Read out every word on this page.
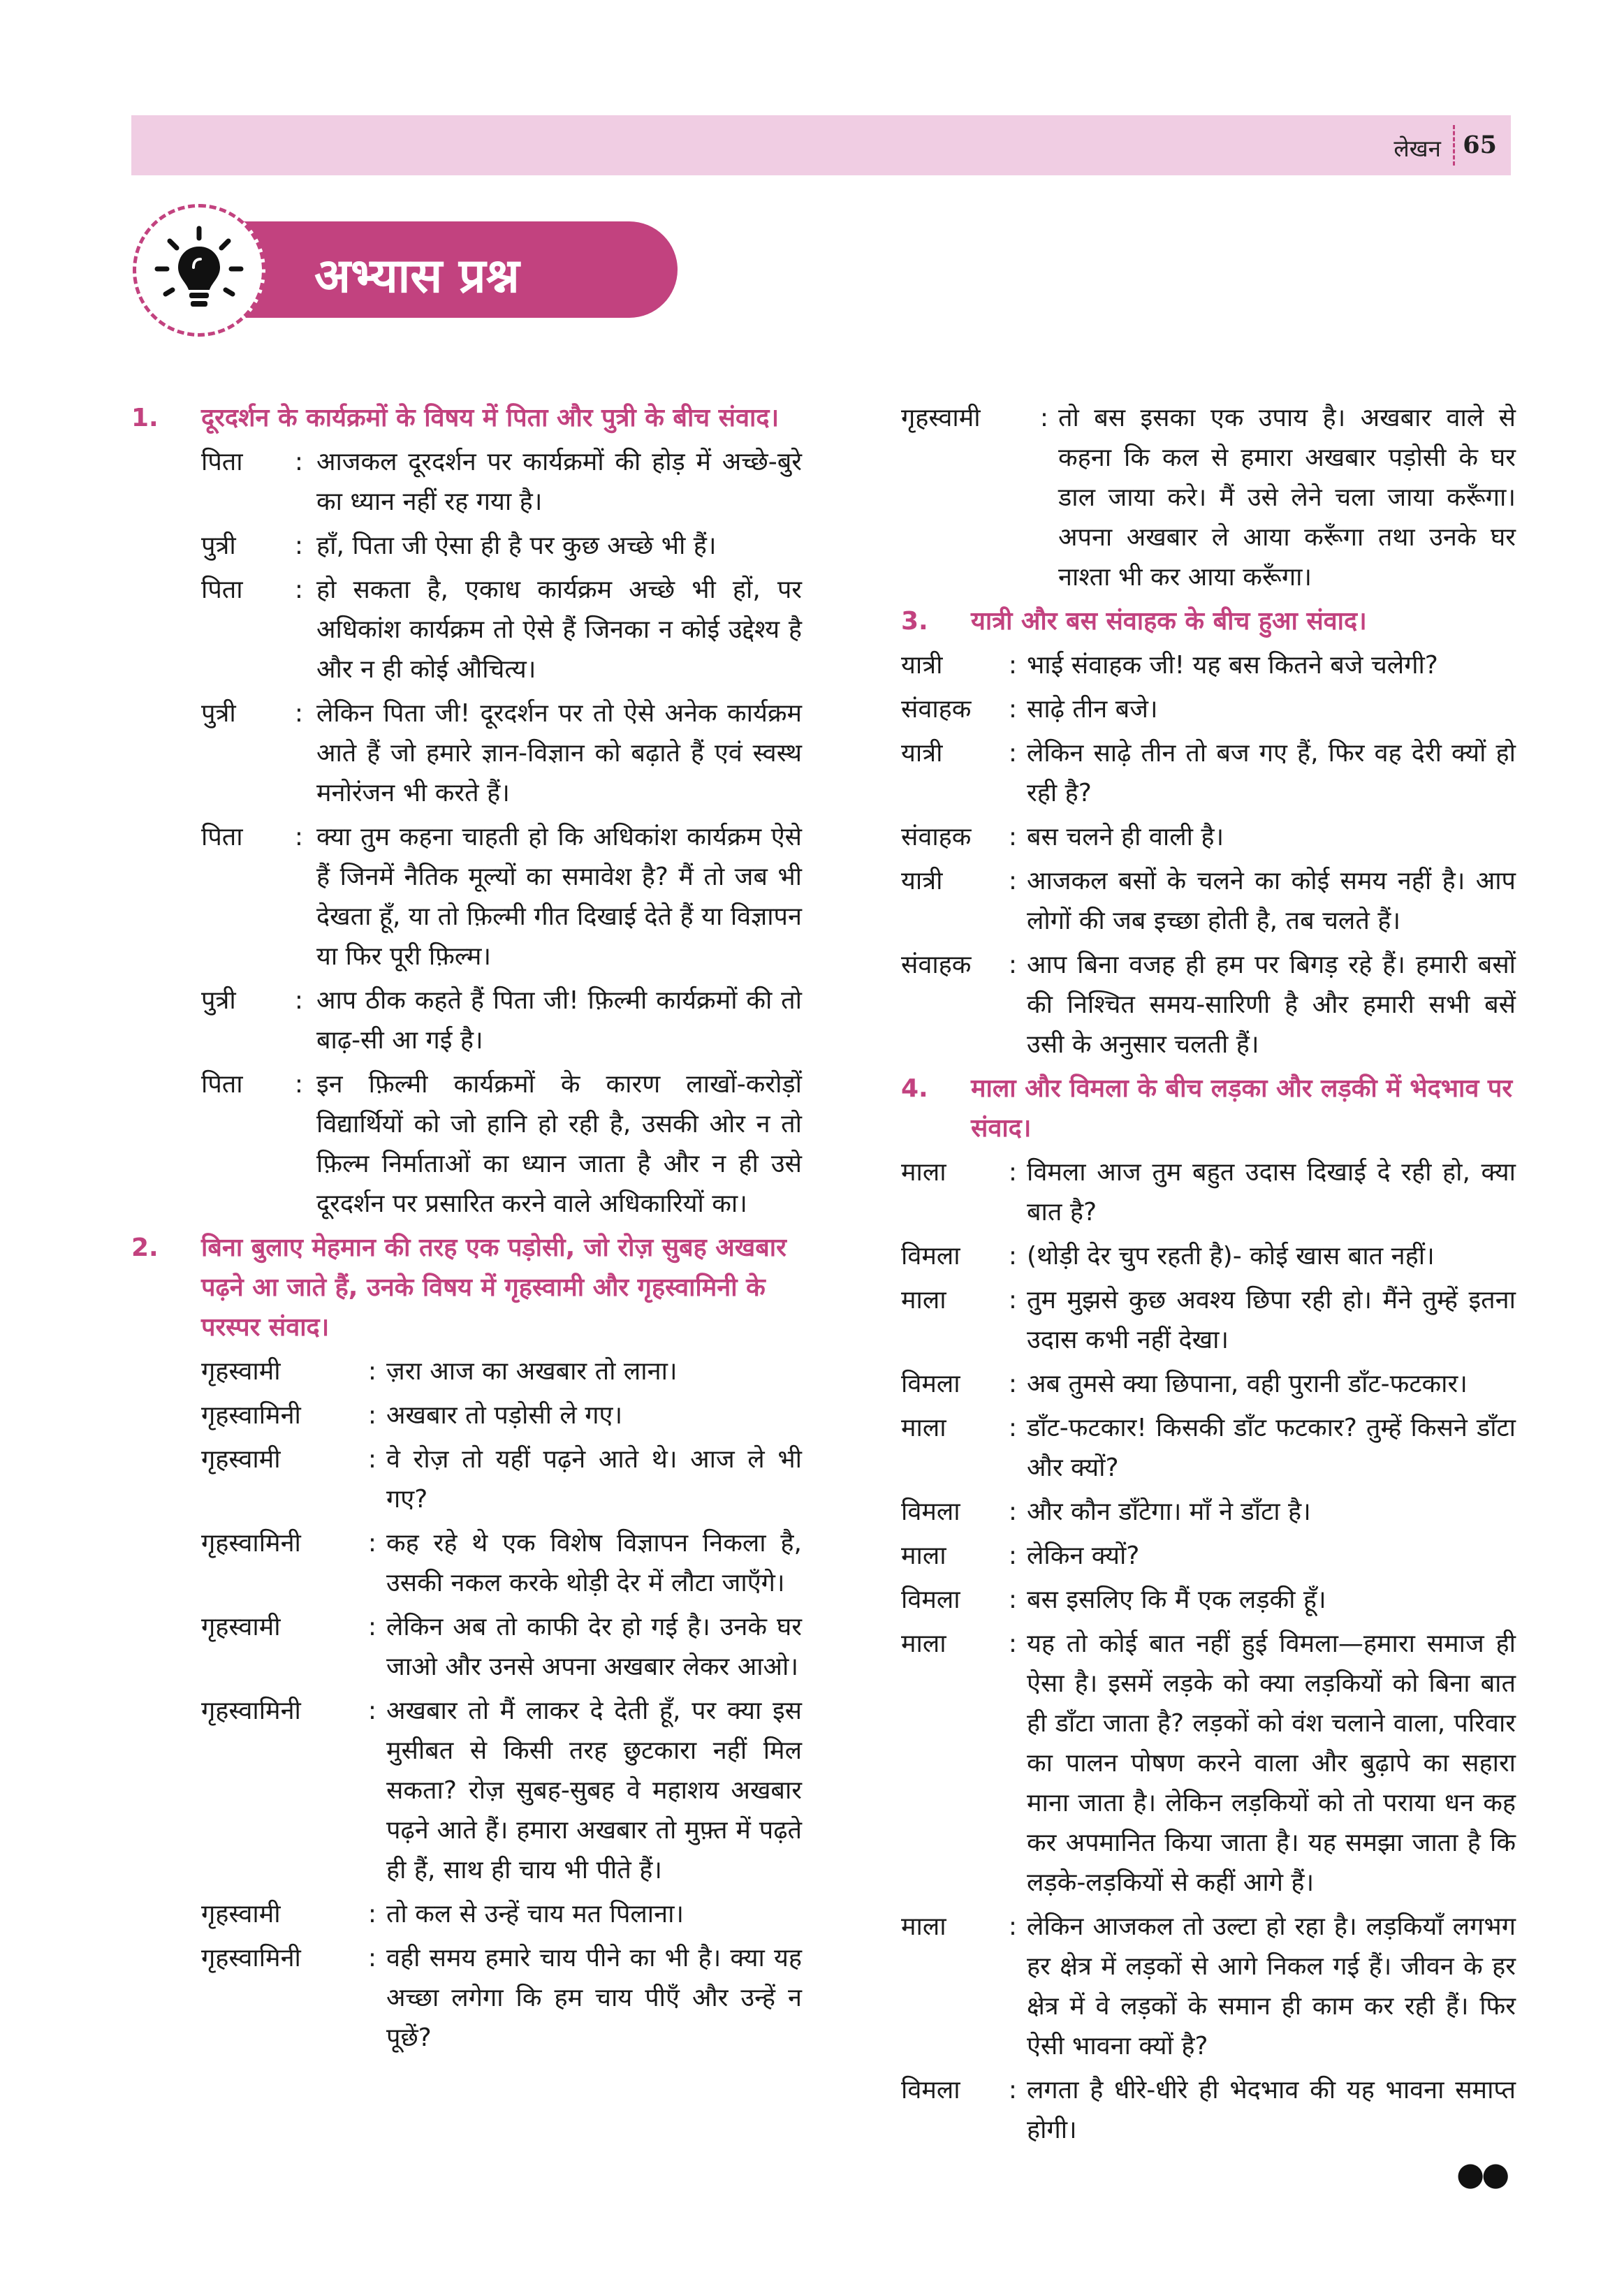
लेखन 65
अभ्यास प्रश्न
1.	दूरदर्शन के कार्यक्रमों के विषय में पिता और पुत्री के बीच संवाद।
पिता	: आजकल दूरदर्शन पर कार्यक्रमों की होड़ में अच्छे-बुरे का ध्यान नहीं रह गया है।
पुत्री	: हाँ, पिता जी ऐसा ही है पर कुछ अच्छे भी हैं।
पिता	: हो सकता है, एकाध कार्यक्रम अच्छे भी हों, पर अधिकांश कार्यक्रम तो ऐसे हैं जिनका न कोई उद्देश्य है और न ही कोई औचित्य।
पुत्री	: लेकिन पिता जी! दूरदर्शन पर तो ऐसे अनेक कार्यक्रम आते हैं जो हमारे ज्ञान-विज्ञान को बढ़ाते हैं एवं स्वस्थ मनोरंजन भी करते हैं।
पिता	: क्या तुम कहना चाहती हो कि अधिकांश कार्यक्रम ऐसे हैं जिनमें नैतिक मूल्यों का समावेश है? मैं तो जब भी देखता हूँ, या तो फ़िल्मी गीत दिखाई देते हैं या विज्ञापन या फिर पूरी फ़िल्म।
पुत्री	: आप ठीक कहते हैं पिता जी! फ़िल्मी कार्यक्रमों की तो बाढ़-सी आ गई है।
पिता	: इन फ़िल्मी कार्यक्रमों के कारण लाखों-करोड़ों विद्यार्थियों को जो हानि हो रही है, उसकी ओर न तो फ़िल्म निर्माताओं का ध्यान जाता है और न ही उसे दूरदर्शन पर प्रसारित करने वाले अधिकारियों का।
2.	बिना बुलाए मेहमान की तरह एक पड़ोसी, जो रोज़ सुबह अखबार पढ़ने आ जाते हैं, उनके विषय में गृहस्वामी और गृहस्वामिनी के परस्पर संवाद।
गृहस्वामी	: ज़रा आज का अखबार तो लाना।
गृहस्वामिनी	: अखबार तो पड़ोसी ले गए।
गृहस्वामी	: वे रोज़ तो यहीं पढ़ने आते थे। आज ले भी गए?
गृहस्वामिनी	: कह रहे थे एक विशेष विज्ञापन निकला है, उसकी नकल करके थोड़ी देर में लौटा जाएँगे।
गृहस्वामी	: लेकिन अब तो काफी देर हो गई है। उनके घर जाओ और उनसे अपना अखबार लेकर आओ।
गृहस्वामिनी	: अखबार तो मैं लाकर दे देती हूँ, पर क्या इस मुसीबत से किसी तरह छुटकारा नहीं मिल सकता? रोज़ सुबह-सुबह वे महाशय अखबार पढ़ने आते हैं। हमारा अखबार तो मुफ़्त में पढ़ते ही हैं, साथ ही चाय भी पीते हैं।
गृहस्वामी	: तो कल से उन्हें चाय मत पिलाना।
गृहस्वामिनी	: वही समय हमारे चाय पीने का भी है। क्या यह अच्छा लगेगा कि हम चाय पीएँ और उन्हें न पूछें?
गृहस्वामी	: तो बस इसका एक उपाय है। अखबार वाले से कहना कि कल से हमारा अखबार पड़ोसी के घर डाल जाया करे। मैं उसे लेने चला जाया करूँगा। अपना अखबार ले आया करूँगा तथा उनके घर नाश्ता भी कर आया करूँगा।
3.	यात्री और बस संवाहक के बीच हुआ संवाद।
यात्री	: भाई संवाहक जी! यह बस कितने बजे चलेगी?
संवाहक	: साढ़े तीन बजे।
यात्री	: लेकिन साढ़े तीन तो बज गए हैं, फिर वह देरी क्यों हो रही है?
संवाहक	: बस चलने ही वाली है।
यात्री	: आजकल बसों के चलने का कोई समय नहीं है। आप लोगों की जब इच्छा होती है, तब चलते हैं।
संवाहक	: आप बिना वजह ही हम पर बिगड़ रहे हैं। हमारी बसों की निश्चित समय-सारिणी है और हमारी सभी बसें उसी के अनुसार चलती हैं।
4.	माला और विमला के बीच लड़का और लड़की में भेदभाव पर संवाद।
माला	: विमला आज तुम बहुत उदास दिखाई दे रही हो, क्या बात है?
विमला	: (थोड़ी देर चुप रहती है)- कोई खास बात नहीं।
माला	: तुम मुझसे कुछ अवश्य छिपा रही हो। मैंने तुम्हें इतना उदास कभी नहीं देखा।
विमला	: अब तुमसे क्या छिपाना, वही पुरानी डाँट-फटकार।
माला	: डाँट-फटकार! किसकी डाँट फटकार? तुम्हें किसने डाँटा और क्यों?
विमला	: और कौन डाँटेगा। माँ ने डाँटा है।
माला	: लेकिन क्यों?
विमला	: बस इसलिए कि मैं एक लड़की हूँ।
माला	: यह तो कोई बात नहीं हुई विमला—हमारा समाज ही ऐसा है। इसमें लड़के को क्या लड़कियों को बिना बात ही डाँटा जाता है? लड़कों को वंश चलाने वाला, परिवार का पालन पोषण करने वाला और बुढ़ापे का सहारा माना जाता है। लेकिन लड़कियों को तो पराया धन कह कर अपमानित किया जाता है। यह समझा जाता है कि लड़के-लड़कियों से कहीं आगे हैं।
माला	: लेकिन आजकल तो उल्टा हो रहा है। लड़कियाँ लगभग हर क्षेत्र में लड़कों से आगे निकल गई हैं। जीवन के हर क्षेत्र में वे लड़कों के समान ही काम कर रही हैं। फिर ऐसी भावना क्यों है?
विमला	: लगता है धीरे-धीरे ही भेदभाव की यह भावना समाप्त होगी।
●●
